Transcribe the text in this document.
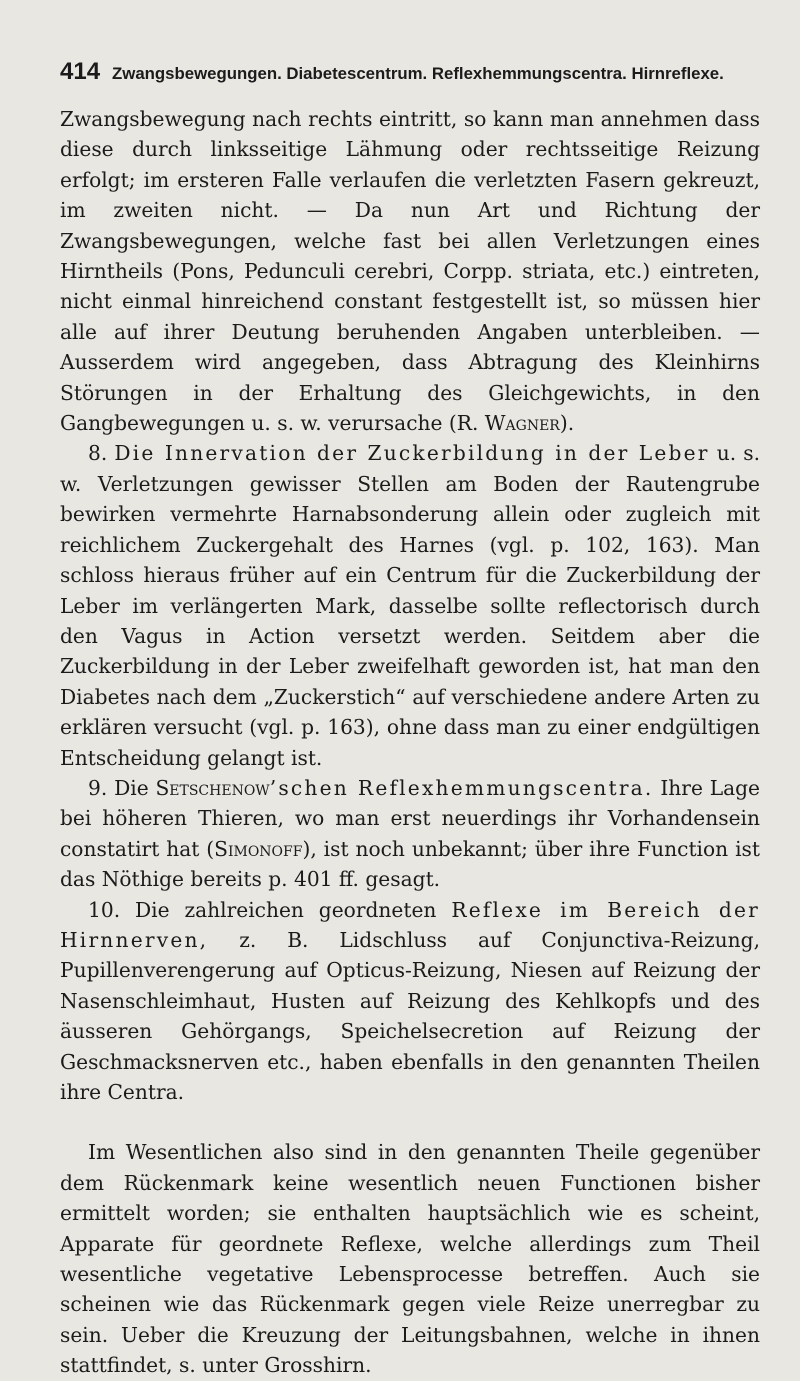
414 Zwangsbewegungen. Diabetescentrum. Reflexhemmungscentra. Hirnreflexe.

Zwangsbewegung nach rechts eintritt, so kann man annehmen dass diese durch linksseitige Lähmung oder rechtsseitige Reizung erfolgt; im ersteren Falle verlaufen die verletzten Fasern gekreuzt, im zweiten nicht. — Da nun Art und Richtung der Zwangsbewegungen, welche fast bei allen Verletzungen eines Hirntheils (Pons, Pedunculi cerebri, Corpp. striata, etc.) eintreten, nicht einmal hinreichend constant festgestellt ist, so müssen hier alle auf ihrer Deutung beruhenden Angaben unterbleiben. — Ausserdem wird angegeben, dass Abtragung des Kleinhirns Störungen in der Erhaltung des Gleichgewichts, in den Gangbewegungen u. s. w. verursache (R. Wagner).

8. Die Innervation der Zuckerbildung in der Leber u. s. w. Verletzungen gewisser Stellen am Boden der Rautengrube bewirken vermehrte Harnabsonderung allein oder zugleich mit reichlichem Zuckergehalt des Harnes (vgl. p. 102, 163). Man schloss hieraus früher auf ein Centrum für die Zuckerbildung der Leber im verlängerten Mark, dasselbe sollte reflectorisch durch den Vagus in Action versetzt werden. Seitdem aber die Zuckerbildung in der Leber zweifelhaft geworden ist, hat man den Diabetes nach dem „Zuckerstich“ auf verschiedene andere Arten zu erklären versucht (vgl. p. 163), ohne dass man zu einer endgültigen Entscheidung gelangt ist.

9. Die Setschenow’schen Reflexhemmungscentra. Ihre Lage bei höheren Thieren, wo man erst neuerdings ihr Vorhandensein constatirt hat (Simonoff), ist noch unbekannt; über ihre Function ist das Nöthige bereits p. 401 ff. gesagt.

10. Die zahlreichen geordneten Reflexe im Bereich der Hirnnerven, z. B. Lidschluss auf Conjunctiva-Reizung, Pupillenverengerung auf Opticus-Reizung, Niesen auf Reizung der Nasenschleimhaut, Husten auf Reizung des Kehlkopfs und des äusseren Gehörgangs, Speichelsecretion auf Reizung der Geschmacksnerven etc., haben ebenfalls in den genannten Theilen ihre Centra.

Im Wesentlichen also sind in den genannten Theile gegenüber dem Rückenmark keine wesentlich neuen Functionen bisher ermittelt worden; sie enthalten hauptsächlich wie es scheint, Apparate für geordnete Reflexe, welche allerdings zum Theil wesentliche vegetative Lebensprocesse betreffen. Auch sie scheinen wie das Rückenmark gegen viele Reize unerregbar zu sein. Ueber die Kreuzung der Leitungsbahnen, welche in ihnen stattfindet, s. unter Grosshirn.
